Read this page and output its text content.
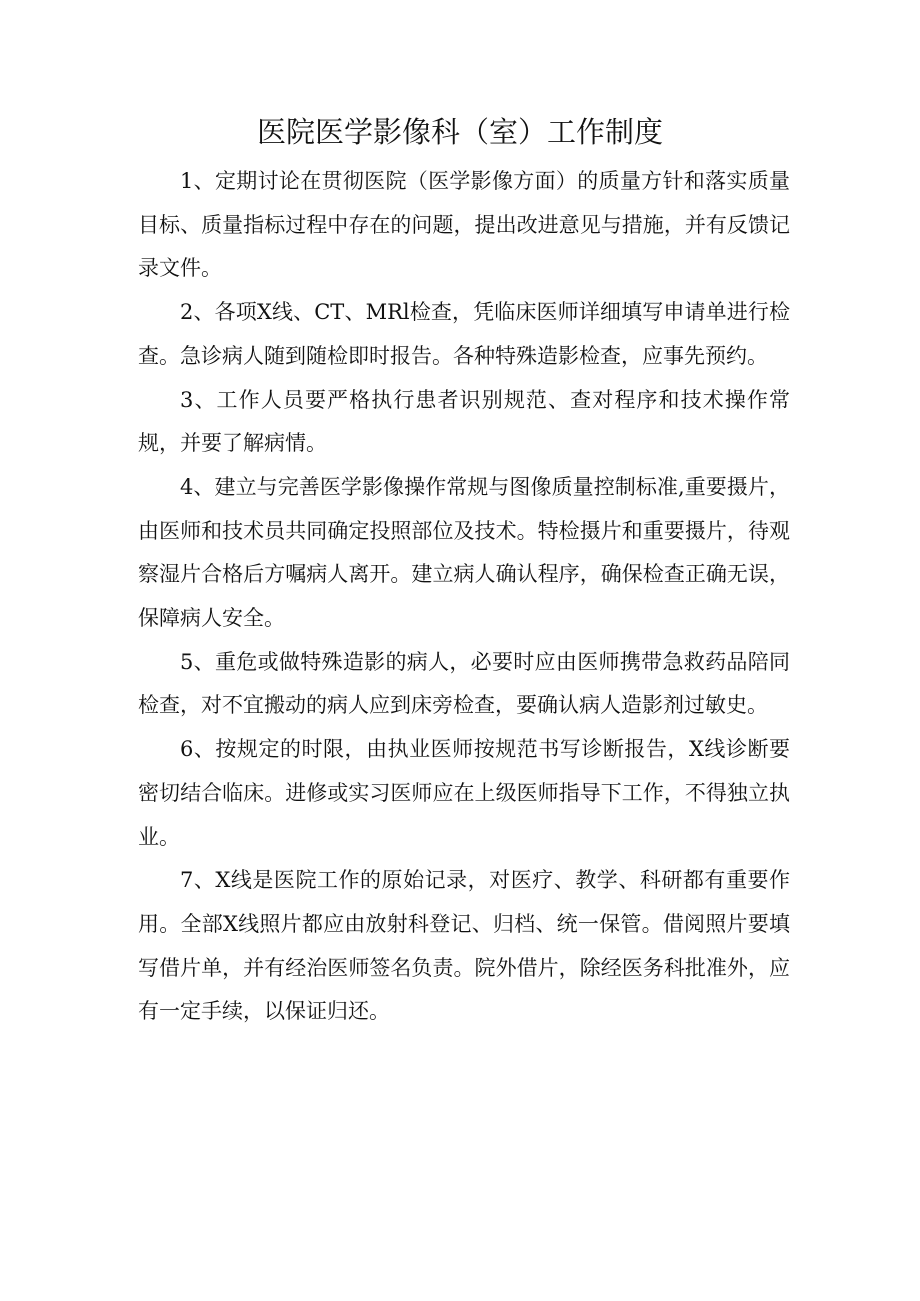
医院医学影像科（室）工作制度

1、定期讨论在贯彻医院（医学影像方面）的质量方针和落实质量目标、质量指标过程中存在的问题，提出改进意见与措施，并有反馈记录文件。

2、各项X线、CT、MRl检查，凭临床医师详细填写申请单进行检查。急诊病人随到随检即时报告。各种特殊造影检查，应事先预约。

3、工作人员要严格执行患者识别规范、查对程序和技术操作常规，并要了解病情。

4、建立与完善医学影像操作常规与图像质量控制标准,重要摄片，由医师和技术员共同确定投照部位及技术。特检摄片和重要摄片，待观察湿片合格后方嘱病人离开。建立病人确认程序，确保检查正确无误，保障病人安全。

5、重危或做特殊造影的病人，必要时应由医师携带急救药品陪同检查，对不宜搬动的病人应到床旁检查，要确认病人造影剂过敏史。

6、按规定的时限，由执业医师按规范书写诊断报告，X线诊断要密切结合临床。进修或实习医师应在上级医师指导下工作，不得独立执业。

7、X线是医院工作的原始记录，对医疗、教学、科研都有重要作用。全部X线照片都应由放射科登记、归档、统一保管。借阅照片要填写借片单，并有经治医师签名负责。院外借片，除经医务科批准外，应有一定手续，以保证归还。
